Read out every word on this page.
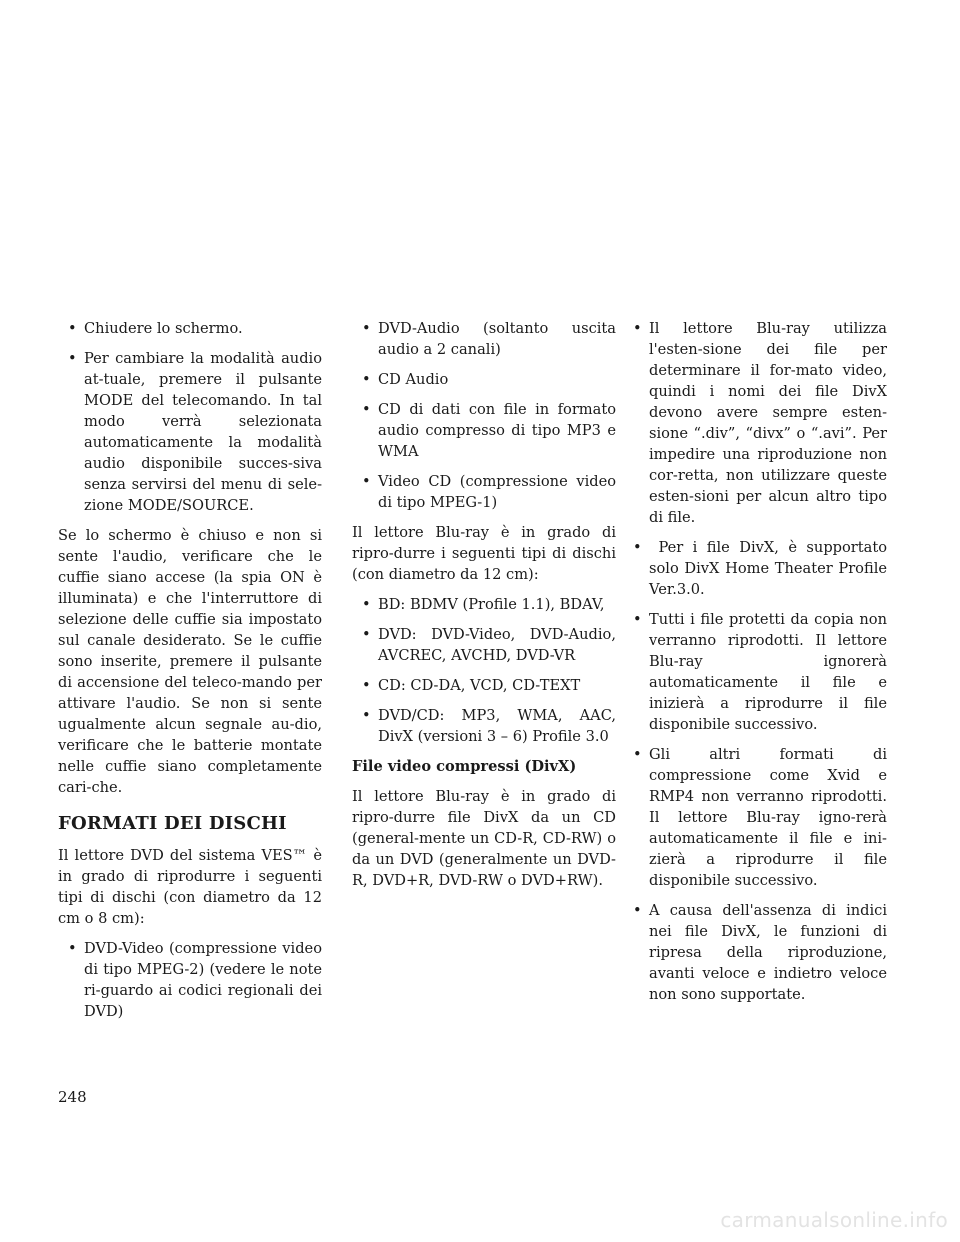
• Chiudere lo schermo.

• Per cambiare la modalità audio at-tuale, premere il pulsante MODE del telecomando. In tal modo verrà selezionata automaticamente la modalità audio disponibile succes-siva senza servirsi del menu di sele-zione MODE/SOURCE.

Se lo schermo è chiuso e non si sente l'audio, verificare che le cuffie siano accese (la spia ON è illuminata) e che l'interruttore di selezione delle cuffie sia impostato sul canale desiderato. Se le cuffie sono inserite, premere il pulsante di accensione del teleco-mando per attivare l'audio. Se non si sente ugualmente alcun segnale au-dio, verificare che le batterie montate nelle cuffie siano completamente cari-che.

FORMATI DEI DISCHI

Il lettore DVD del sistema VES™ è in grado di riprodurre i seguenti tipi di dischi (con diametro da 12 cm o 8 cm):

• DVD-Video (compressione video di tipo MPEG-2) (vedere le note ri-guardo ai codici regionali dei DVD)

• DVD-Audio (soltanto uscita audio a 2 canali)

• CD Audio

• CD di dati con file in formato audio compresso di tipo MP3 e WMA

• Video CD (compressione video di tipo MPEG-1)

Il lettore Blu-ray è in grado di ripro-durre i seguenti tipi di dischi (con diametro da 12 cm):

• BD: BDMV (Profile 1.1), BDAV,

• DVD: DVD-Video, DVD-Audio, AVCREC, AVCHD, DVD-VR

• CD: CD-DA, VCD, CD-TEXT

• DVD/CD: MP3, WMA, AAC, DivX (versioni 3 – 6) Profile 3.0

File video compressi (DivX)

Il lettore Blu-ray è in grado di ripro-durre file DivX da un CD (general-mente un CD-R, CD-RW) o da un DVD (generalmente un DVD-R, DVD+R, DVD-RW o DVD+RW).

• Il lettore Blu-ray utilizza l'esten-sione dei file per determinare il for-mato video, quindi i nomi dei file DivX devono avere sempre esten-sione “.div”, “divx” o “.avi”. Per impedire una riproduzione non cor-retta, non utilizzare queste esten-sioni per alcun altro tipo di file.

• Per i file DivX, è supportato solo DivX Home Theater Profile Ver.3.0.

• Tutti i file protetti da copia non verranno riprodotti. Il lettore Blu-ray ignorerà automaticamente il file e inizierà a riprodurre il file disponibile successivo.

• Gli altri formati di compressione come Xvid e RMP4 non verranno riprodotti. Il lettore Blu-ray igno-rerà automaticamente il file e ini-zierà a riprodurre il file disponibile successivo.

• A causa dell'assenza di indici nei file DivX, le funzioni di ripresa della riproduzione, avanti veloce e indietro veloce non sono supportate.

248
carmanualsonline.info
